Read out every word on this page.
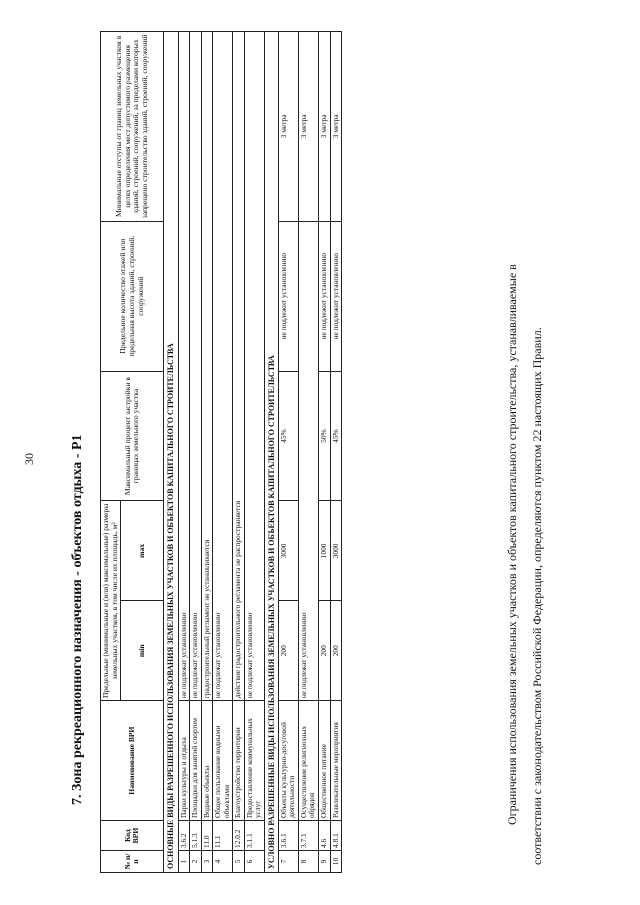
30 7. Зона рекреационного назначения - объектов отдыха - Р1
№ п/п	Код ВРИ	Наименование ВРИ	Предельные (минимальные и (или) максимальные) размеры земельных участков, в том числе их площадь, м²		Максимальный процент застройки в границах земельного участка	Предельное количество этажей или предельная высота зданий, строений, сооружений	Минимальные отступы от границ земельных участков в целях определения мест допустимого размещения зданий, строений, сооружений, за пределами которых запрещено строительство зданий, строений, сооружений
			min	max			
ОСНОВНЫЕ ВИДЫ РАЗРЕШЕННОГО ИСПОЛЬЗОВАНИЯ ЗЕМЕЛЬНЫХ УЧАСТКОВ И ОБЪЕКТОВ КАПИТАЛЬНОГО СТРОИТЕЛЬСТВА							
1	3.6.2	Парки культуры и отдыха	не подлежат установлению				
2	5.1.3	Площадки для занятий спортом	не подлежат установлению				
3	11.0	Водные объекты	градостроительный регламент не устанавливается				
4	11.1	Общее пользование водными объектами	не подлежат установлению				
5	12.0.2	Благоустройство территории	действие градостроительного регламента не распространяется				
6	3.1.1	Предоставление коммунальных услуг	не подлежат установлению				
УСЛОВНО РАЗРЕШЕННЫЕ ВИДЫ ИСПОЛЬЗОВАНИЯ ЗЕМЕЛЬНЫХ УЧАСТКОВ И ОБЪЕКТОВ КАПИТАЛЬНОГО СТРОИТЕЛЬСТВА							
7	3.6.1	Объекты культурно-досуговой деятельности	200	3000	45%	не подлежит установлению	3 метра
8	3.7.1	Осуществление религиозных обрядов	не подлежат установлению				3 метра
9	4.6	Общественное питание	200	1000	50%	не подлежит установлению	3 метра
10	4.8.1	Развлекательные мероприятия	200	3000	45%	не подлежит установлению	3 метра
Ограничения использования земельных участков и объектов капитального строительства, устанавливаемые в соответствии с законодательством Российской Федерации, определяются пунктом 22 настоящих Правил.
